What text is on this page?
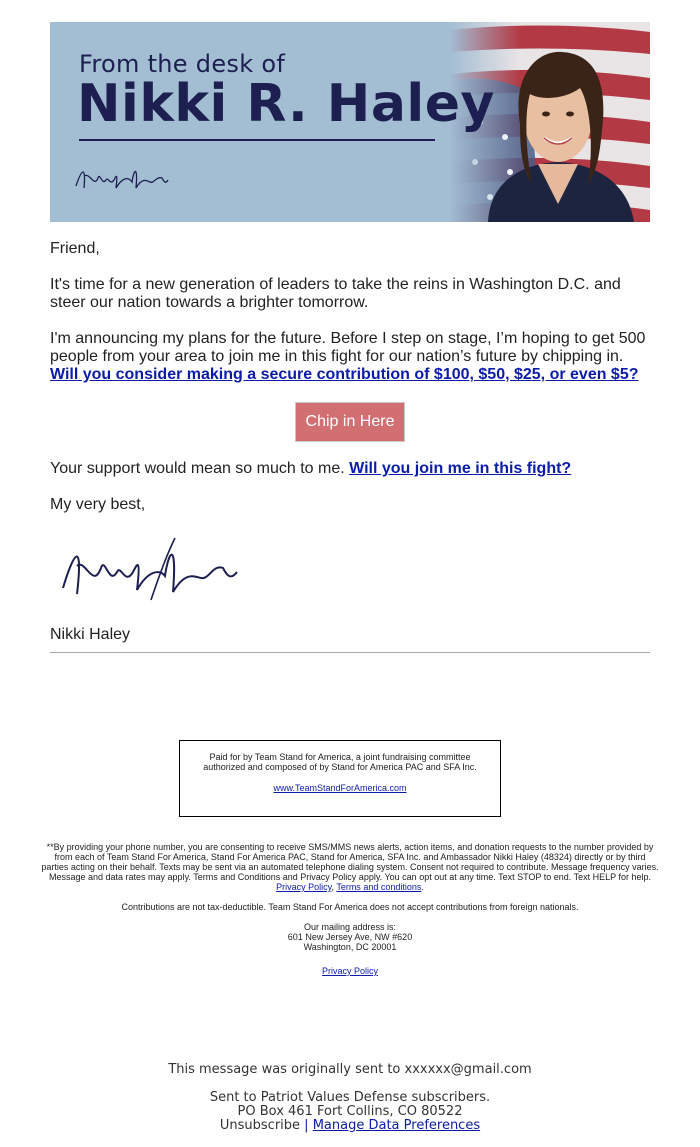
From the desk of
Nikki R. Haley
Friend,
It's time for a new generation of leaders to take the reins in Washington D.C. and steer our nation towards a brighter tomorrow.
I'm announcing my plans for the future. Before I step on stage, I’m hoping to get 500 people from your area to join me in this fight for our nation’s future by chipping in. Will you consider making a secure contribution of $100, $50, $25, or even $5?
Chip in Here
Your support would mean so much to me. Will you join me in this fight?
My very best,
Nikki Haley
Paid for by Team Stand for America, a joint fundraising committee authorized and composed of by Stand for America PAC and SFA Inc.
www.TeamStandForAmerica.com
**By providing your phone number, you are consenting to receive SMS/MMS news alerts, action items, and donation requests to the number provided by from each of Team Stand For America, Stand For America PAC, Stand for America, SFA Inc. and Ambassador Nikki Haley (48324) directly or by third parties acting on their behalf. Texts may be sent via an automated telephone dialing system. Consent not required to contribute. Message frequency varies. Message and data rates may apply. Terms and Conditions and Privacy Policy apply. You can opt out at any time. Text STOP to end. Text HELP for help. Privacy Policy, Terms and conditions.
Contributions are not tax-deductible. Team Stand For America does not accept contributions from foreign nationals.
Our mailing address is:
601 New Jersey Ave, NW #620
Washington, DC 20001
Privacy Policy
This message was originally sent to xxxxxx@gmail.com
Sent to Patriot Values Defense subscribers.
PO Box 461 Fort Collins, CO 80522
Unsubscribe | Manage Data Preferences
